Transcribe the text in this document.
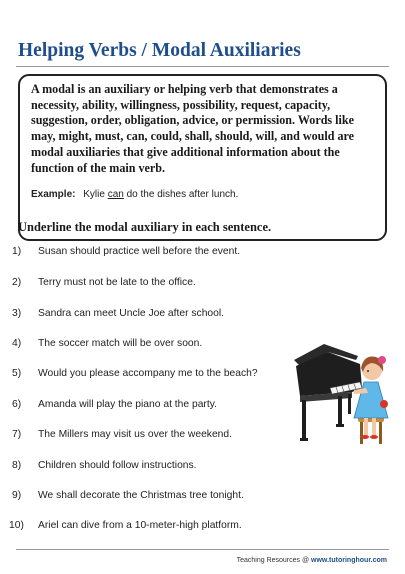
Helping Verbs / Modal Auxiliaries

A modal is an auxiliary or helping verb that demonstrates a necessity, ability, willingness, possibility, request, capacity, suggestion, order, obligation, advice, or permission. Words like may, might, must, can, could, shall, should, will, and would are modal auxiliaries that give additional information about the function of the main verb.

Example: Kylie can do the dishes after lunch.
Underline the modal auxiliary in each sentence.
1)	Susan should practice well before the event.
2)	Terry must not be late to the office.
3)	Sandra can meet Uncle Joe after school.
4)	The soccer match will be over soon.
5)	Would you please accompany me to the beach?
6)	Amanda will play the piano at the party.
7)	The Millers may visit us over the weekend.
8)	Children should follow instructions.
9)	We shall decorate the Christmas tree tonight.
10)	Ariel can dive from a 10-meter-high platform.
Teaching Resources @ www.tutoringhour.com
